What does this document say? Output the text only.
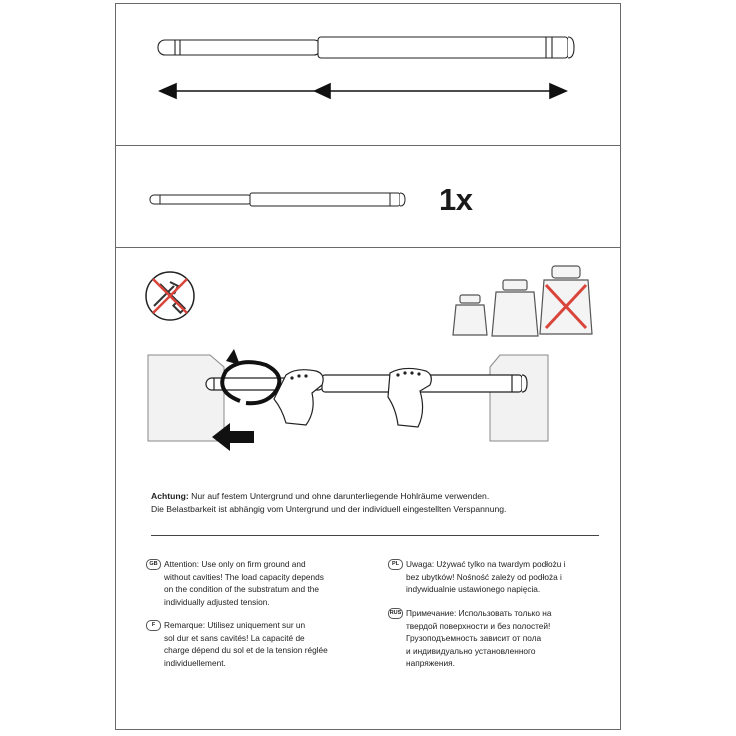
1x
Achtung: Nur auf festem Untergrund und ohne darunterliegende Hohlräume verwenden.
Die Belastbarkeit ist abhängig vom Untergrund und der individuell eingestellten Verspannung.
GB Attention: Use only on firm ground and
without cavities! The load capacity depends
on the condition of the substratum and the
individually adjusted tension.
F	Remarque: Utilisez uniquement sur un
sol dur et sans cavités! La capacité de
charge dépend du sol et de la tension réglée
individuellement.
PL Uwaga: Używać tylko na twardym podłożu i
bez ubytków! Nośność zależy od podłoża i
indywidualnie ustawionego napięcia.
RUS Примечание: Использовать только на
твердой поверхности и без полостей!
Грузоподъемность зависит от пола
и индивидуально установленного
напряжения.
